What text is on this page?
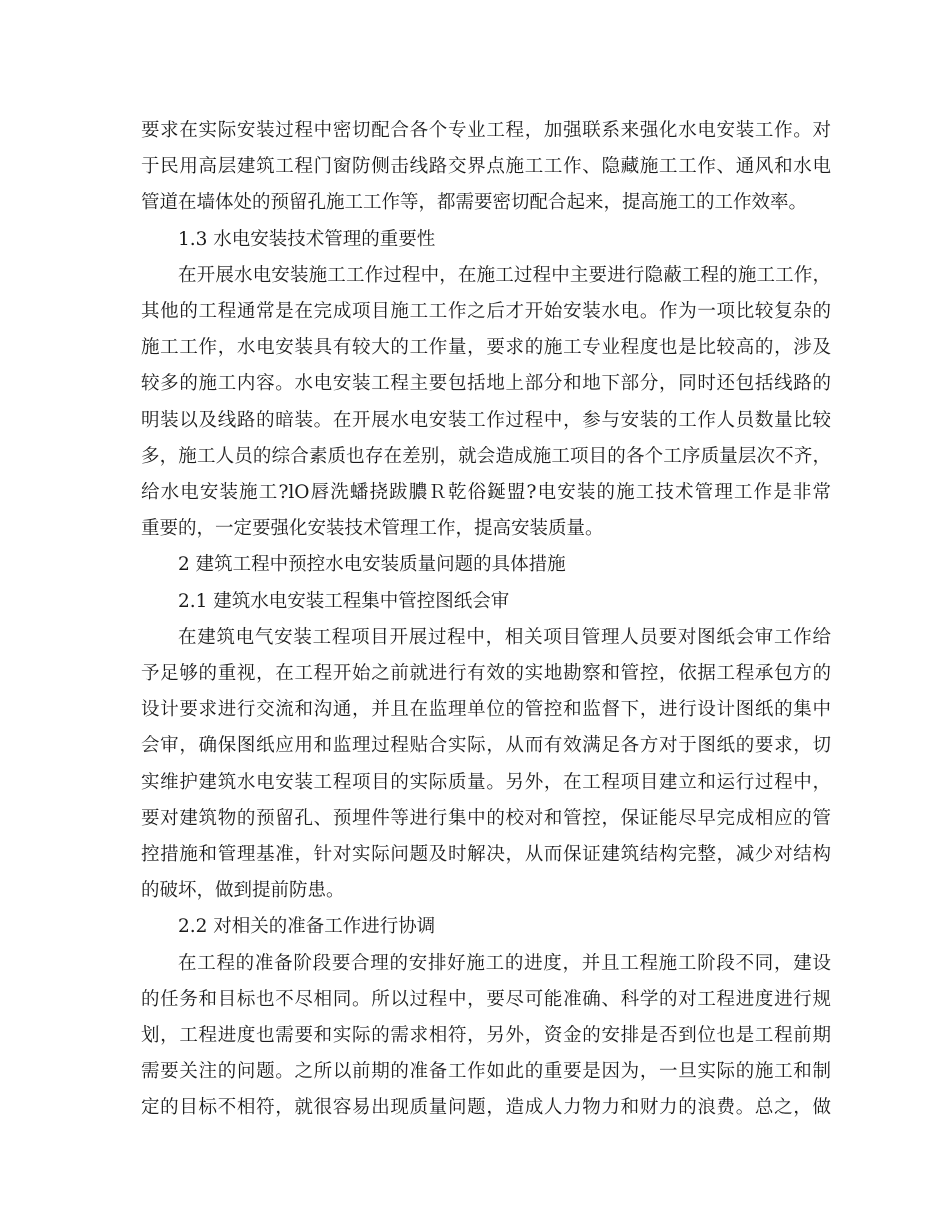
要求在实际安装过程中密切配合各个专业工程，加强联系来强化水电安装工作。对
于民用高层建筑工程门窗防侧击线路交界点施工工作、隐藏施工工作、通风和水电
管道在墙体处的预留孔施工工作等，都需要密切配合起来，提高施工的工作效率。

1.3 水电安装技术管理的重要性

在开展水电安装施工工作过程中，在施工过程中主要进行隐蔽工程的施工工作，
其他的工程通常是在完成项目施工工作之后才开始安装水电。作为一项比较复杂的
施工工作，水电安装具有较大的工作量，要求的施工专业程度也是比较高的，涉及
较多的施工内容。水电安装工程主要包括地上部分和地下部分，同时还包括线路的
明装以及线路的暗装。在开展水电安装工作过程中，参与安装的工作人员数量比较
多，施工人员的综合素质也存在差别，就会造成施工项目的各个工序质量层次不齐，
给水电安装施工?lO唇洗蟠挠跋膿Ｒ乾俗鋋盟?电安装的施工技术管理工作是非常
重要的，一定要强化安装技术管理工作，提高安装质量。

2 建筑工程中预控水电安装质量问题的具体措施

2.1 建筑水电安装工程集中管控图纸会审

在建筑电气安装工程项目开展过程中，相关项目管理人员要对图纸会审工作给
予足够的重视，在工程开始之前就进行有效的实地勘察和管控，依据工程承包方的
设计要求进行交流和沟通，并且在监理单位的管控和监督下，进行设计图纸的集中
会审，确保图纸应用和监理过程贴合实际，从而有效满足各方对于图纸的要求，切
实维护建筑水电安装工程项目的实际质量。另外，在工程项目建立和运行过程中，
要对建筑物的预留孔、预埋件等进行集中的校对和管控，保证能尽早完成相应的管
控措施和管理基准，针对实际问题及时解决，从而保证建筑结构完整，减少对结构
的破坏，做到提前防患。

2.2 对相关的准备工作进行协调

在工程的准备阶段要合理的安排好施工的进度，并且工程施工阶段不同，建设
的任务和目标也不尽相同。所以过程中，要尽可能准确、科学的对工程进度进行规
划，工程进度也需要和实际的需求相符，另外，资金的安排是否到位也是工程前期
需要关注的问题。之所以前期的准备工作如此的重要是因为，一旦实际的施工和制
定的目标不相符，就很容易出现质量问题，造成人力物力和财力的浪费。总之，做
